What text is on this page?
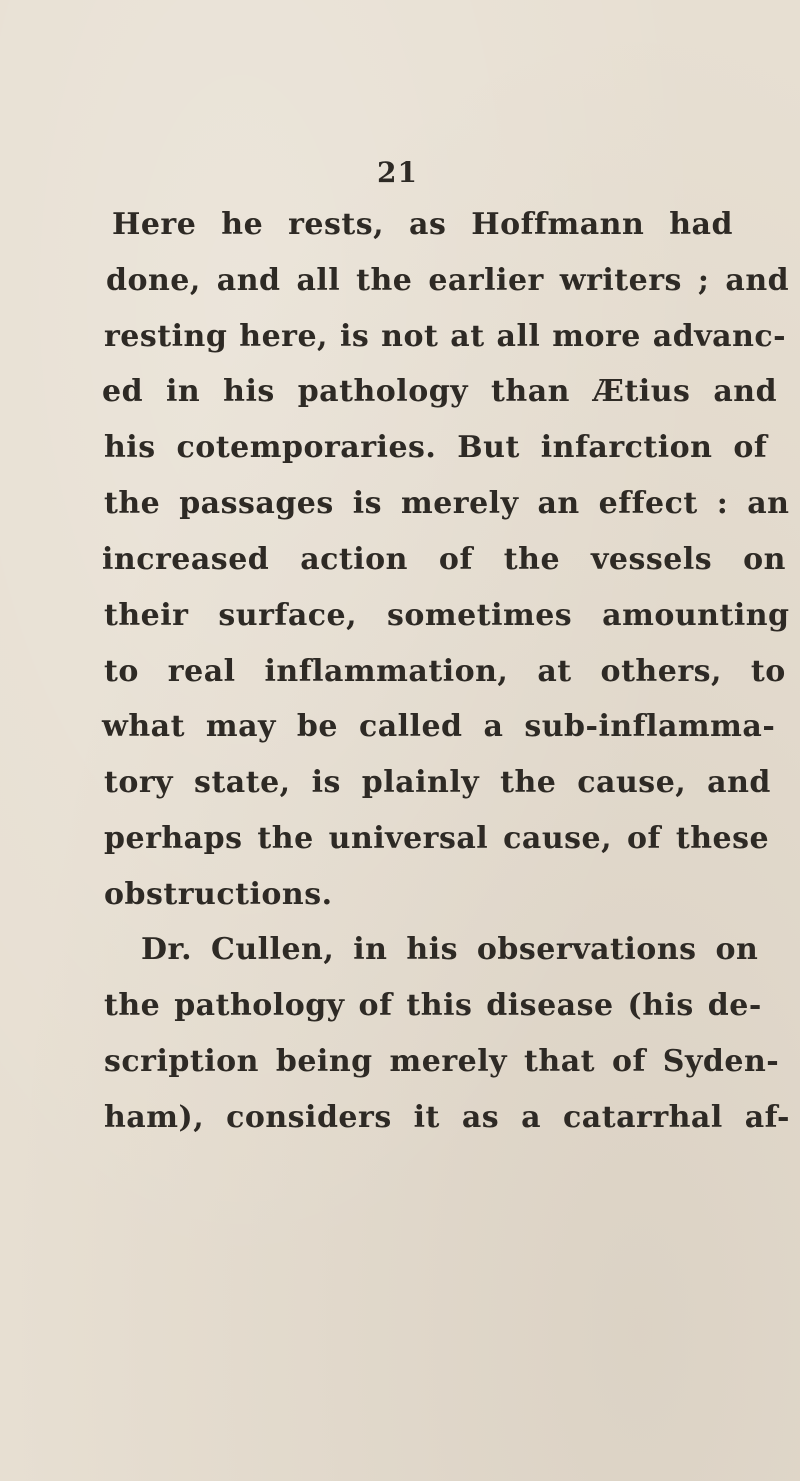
21
Here he rests, as Hoffmann had
done, and all the earlier writers ; and
resting here, is not at all more advanc-
ed in his pathology than Ætius and
his cotemporaries. But infarction of
the passages is merely an effect : an
increased action of the vessels on
their surface, sometimes amounting
to real inflammation, at others, to
what may be called a sub-inflamma-
tory state, is plainly the cause, and
perhaps the universal cause, of these
obstructions.
Dr. Cullen, in his observations on
the pathology of this disease (his de-
scription being merely that of Syden-
ham), considers it as a catarrhal af-
